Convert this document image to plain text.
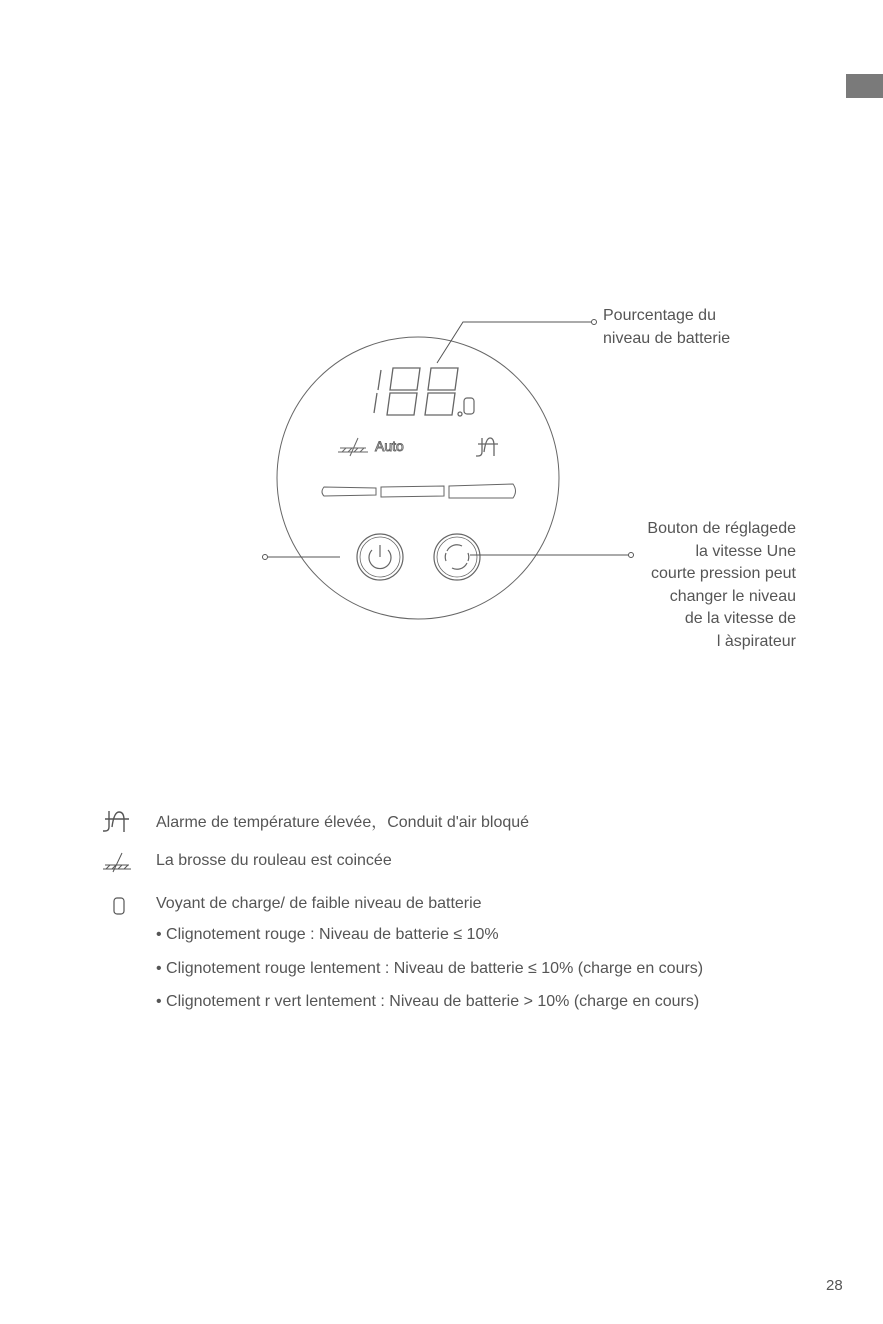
Auto
Pourcentage du
niveau de batterie
Bouton de réglagede
la vitesse Une
courte pression peut
changer le niveau
de la vitesse de
l àspirateur
Alarme de température élevée，Conduit d'air bloqué
La brosse du rouleau est coincée
Voyant de charge/ de faible niveau de batterie
• Clignotement rouge : Niveau de batterie ≤ 10%
• Clignotement rouge lentement : Niveau de batterie ≤ 10% (charge en cours)
• Clignotement r vert lentement : Niveau de batterie > 10% (charge en cours)
28
